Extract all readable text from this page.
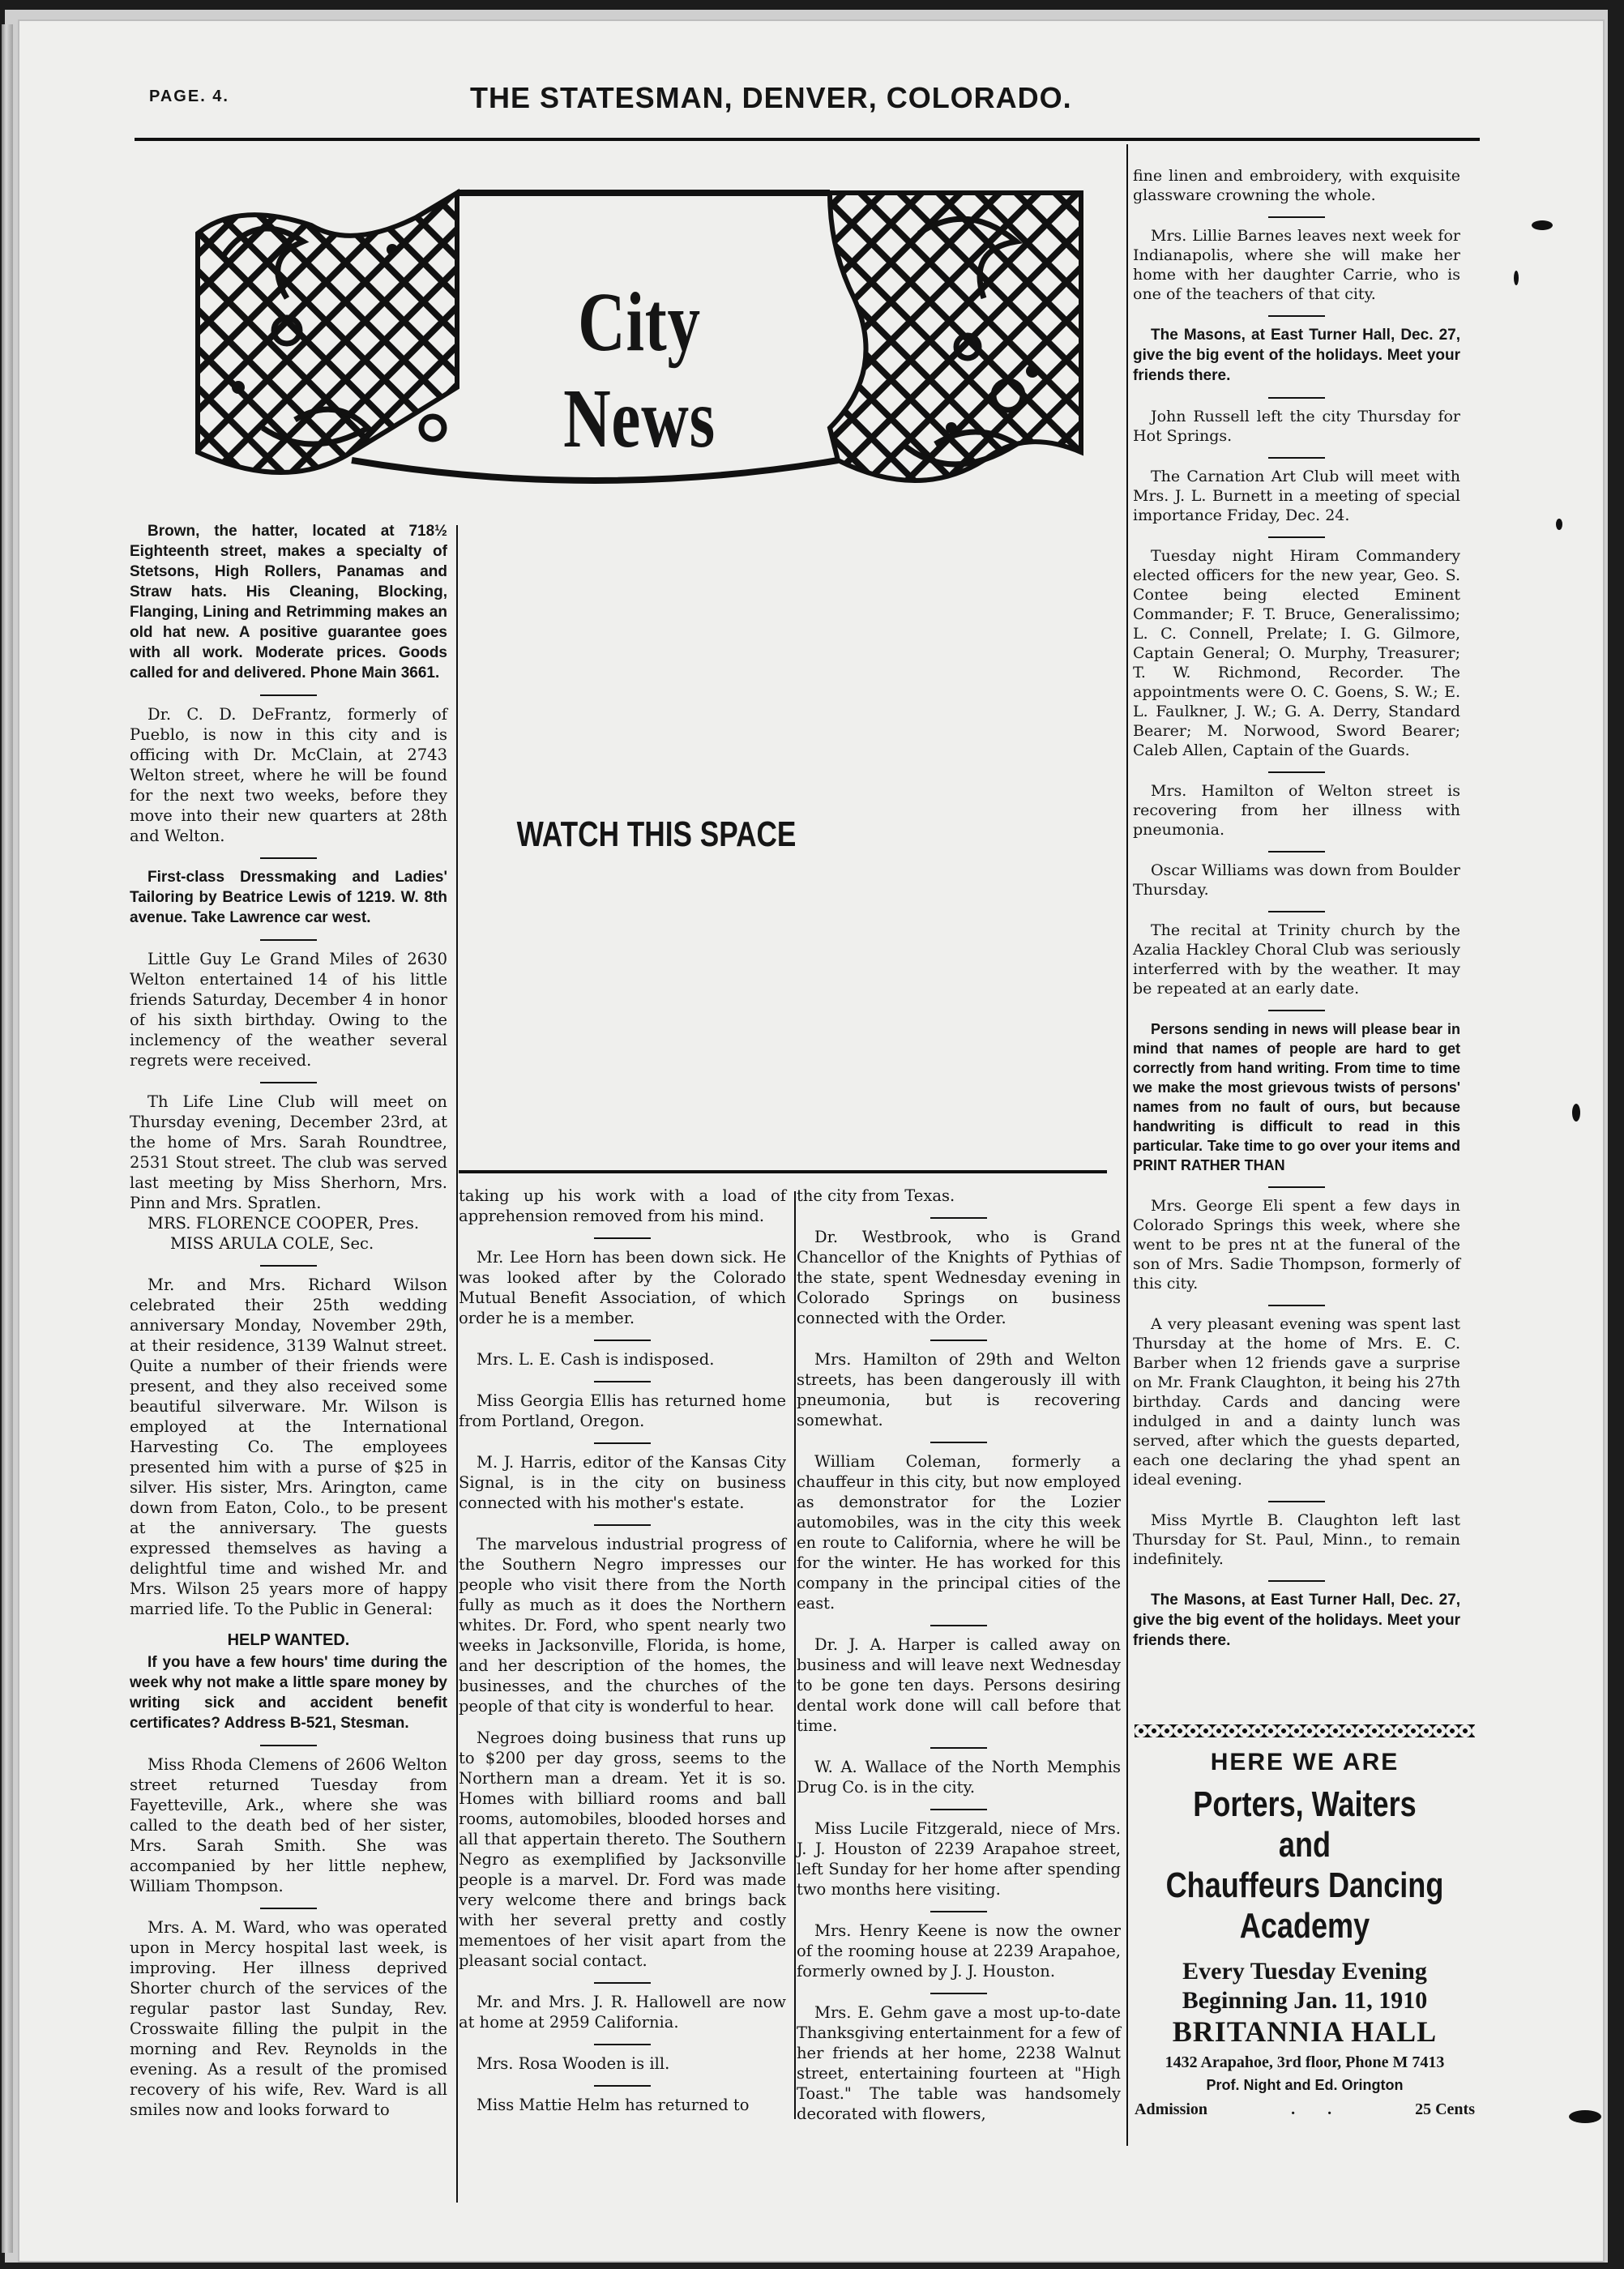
PAGE. 4.	THE STATESMAN, DENVER, COLORADO.
City News
WATCH THIS SPACE

Brown, the hatter, located at 718½ Eighteenth street, makes a specialty of Stetsons, High Rollers, Panamas and Straw hats. His Cleaning, Blocking, Flanging, Lining and Retrimming makes an old hat new. A positive guarantee goes with all work. Moderate prices. Goods called for and delivered. Phone Main 3661.

Dr. C. D. DeFrantz, formerly of Pueblo, is now in this city and is officing with Dr. McClain, at 2743 Welton street, where he will be found for the next two weeks, before they move into their new quarters at 28th and Welton.

First-class Dressmaking and Ladies' Tailoring by Beatrice Lewis of 1219. W. 8th avenue. Take Lawrence car west.

Little Guy Le Grand Miles of 2630 Welton entertained 14 of his little friends Saturday, December 4 in honor of his sixth birthday. Owing to the inclemency of the weather several regrets were received.

Th Life Line Club will meet on Thursday evening, December 23rd, at the home of Mrs. Sarah Roundtree, 2531 Stout street. The club was served last meeting by Miss Sherhorn, Mrs. Pinn and Mrs. Spratlen.

MRS. FLORENCE COOPER, Pres.

MISS ARULA COLE, Sec.

Mr. and Mrs. Richard Wilson celebrated their 25th wedding anniversary Monday, November 29th, at their residence, 3139 Walnut street. Quite a number of their friends were present, and they also received some beautiful silverware. Mr. Wilson is employed at the International Harvesting Co. The employees presented him with a purse of $25 in silver. His sister, Mrs. Arington, came down from Eaton, Colo., to be present at the anniversary. The guests expressed themselves as having a delightful time and wished Mr. and Mrs. Wilson 25 years more of happy married life. To the Public in General:

HELP WANTED.

If you have a few hours' time during the week why not make a little spare money by writing sick and accident benefit certificates? Address B-521, Stesman.

Miss Rhoda Clemens of 2606 Welton street returned Tuesday from Fayetteville, Ark., where she was called to the death bed of her sister, Mrs. Sarah Smith. She was accompanied by her little nephew, William Thompson.

Mrs. A. M. Ward, who was operated upon in Mercy hospital last week, is improving. Her illness deprived Shorter church of the services of the regular pastor last Sunday, Rev. Crosswaite filling the pulpit in the morning and Rev. Reynolds in the evening. As a result of the promised recovery of his wife, Rev. Ward is all smiles now and looks forward to

taking up his work with a load of apprehension removed from his mind.

Mr. Lee Horn has been down sick. He was looked after by the Colorado Mutual Benefit Association, of which order he is a member.

Mrs. L. E. Cash is indisposed.

Miss Georgia Ellis has returned home from Portland, Oregon.

M. J. Harris, editor of the Kansas City Signal, is in the city on business connected with his mother's estate.

The marvelous industrial progress of the Southern Negro impresses our people who visit there from the North fully as much as it does the Northern whites. Dr. Ford, who spent nearly two weeks in Jacksonville, Florida, is home, and her description of the homes, the businesses, and the churches of the people of that city is wonderful to hear.

Negroes doing business that runs up to $200 per day gross, seems to the Northern man a dream. Yet it is so. Homes with billiard rooms and ball rooms, automobiles, blooded horses and all that appertain thereto. The Southern Negro as exemplified by Jacksonville people is a marvel. Dr. Ford was made very welcome there and brings back with her several pretty and costly mementoes of her visit apart from the pleasant social contact.

Mr. and Mrs. J. R. Hallowell are now at home at 2959 California.

Mrs. Rosa Wooden is ill.

Miss Mattie Helm has returned to

the city from Texas.

Dr. Westbrook, who is Grand Chancellor of the Knights of Pythias of the state, spent Wednesday evening in Colorado Springs on business connected with the Order.

Mrs. Hamilton of 29th and Welton streets, has been dangerously ill with pneumonia, but is recovering somewhat.

William Coleman, formerly a chauffeur in this city, but now employed as demonstrator for the Lozier automobiles, was in the city this week en route to California, where he will be for the winter. He has worked for this company in the principal cities of the east.

Dr. J. A. Harper is called away on business and will leave next Wednesday to be gone ten days. Persons desiring dental work done will call before that time.

W. A. Wallace of the North Memphis Drug Co. is in the city.

Miss Lucile Fitzgerald, niece of Mrs. J. J. Houston of 2239 Arapahoe street, left Sunday for her home after spending two months here visiting.

Mrs. Henry Keene is now the owner of the rooming house at 2239 Arapahoe, formerly owned by J. J. Houston.

Mrs. E. Gehm gave a most up-to-date Thanksgiving entertainment for a few of her friends at her home, 2238 Walnut street, entertaining fourteen at "High Toast." The table was handsomely decorated with flowers,

fine linen and embroidery, with exquisite glassware crowning the whole.

Mrs. Lillie Barnes leaves next week for Indianapolis, where she will make her home with her daughter Carrie, who is one of the teachers of that city.

The Masons, at East Turner Hall, Dec. 27, give the big event of the holidays. Meet your friends there.

John Russell left the city Thursday for Hot Springs.

The Carnation Art Club will meet with Mrs. J. L. Burnett in a meeting of special importance Friday, Dec. 24.

Tuesday night Hiram Commandery elected officers for the new year, Geo. S. Contee being elected Eminent Commander; F. T. Bruce, Generalissimo; L. C. Connell, Prelate; I. G. Gilmore, Captain General; O. Murphy, Treasurer; T. W. Richmond, Recorder. The appointments were O. C. Goens, S. W.; E. L. Faulkner, J. W.; G. A. Derry, Standard Bearer; M. Norwood, Sword Bearer; Caleb Allen, Captain of the Guards.

Mrs. Hamilton of Welton street is recovering from her illness with pneumonia.

Oscar Williams was down from Boulder Thursday.

The recital at Trinity church by the Azalia Hackley Choral Club was seriously interferred with by the weather. It may be repeated at an early date.

Persons sending in news will please bear in mind that names of people are hard to get correctly from hand writing. From time to time we make the most grievous twists of persons' names from no fault of ours, but because handwriting is difficult to read in this particular. Take time to go over your items and PRINT RATHER THAN

Mrs. George Eli spent a few days in Colorado Springs this week, where she went to be pres nt at the funeral of the son of Mrs. Sadie Thompson, formerly of this city.

A very pleasant evening was spent last Thursday at the home of Mrs. E. C. Barber when 12 friends gave a surprise on Mr. Frank Claughton, it being his 27th birthday. Cards and dancing were indulged in and a dainty lunch was served, after which the guests departed, each one declaring the yhad spent an ideal evening.

Miss Myrtle B. Claughton left last Thursday for St. Paul, Minn., to remain indefinitely.

The Masons, at East Turner Hall, Dec. 27, give the big event of the holidays. Meet your friends there.

HERE WE ARE
Porters, Waiters and
Chauffeurs Dancing
Academy
Every Tuesday Evening
Beginning Jan. 11, 1910
BRITANNIA HALL
1432 Arapahoe, 3rd floor, Phone M 7413
Prof. Night and Ed. Orington
Admission	.        .	25 Cents
